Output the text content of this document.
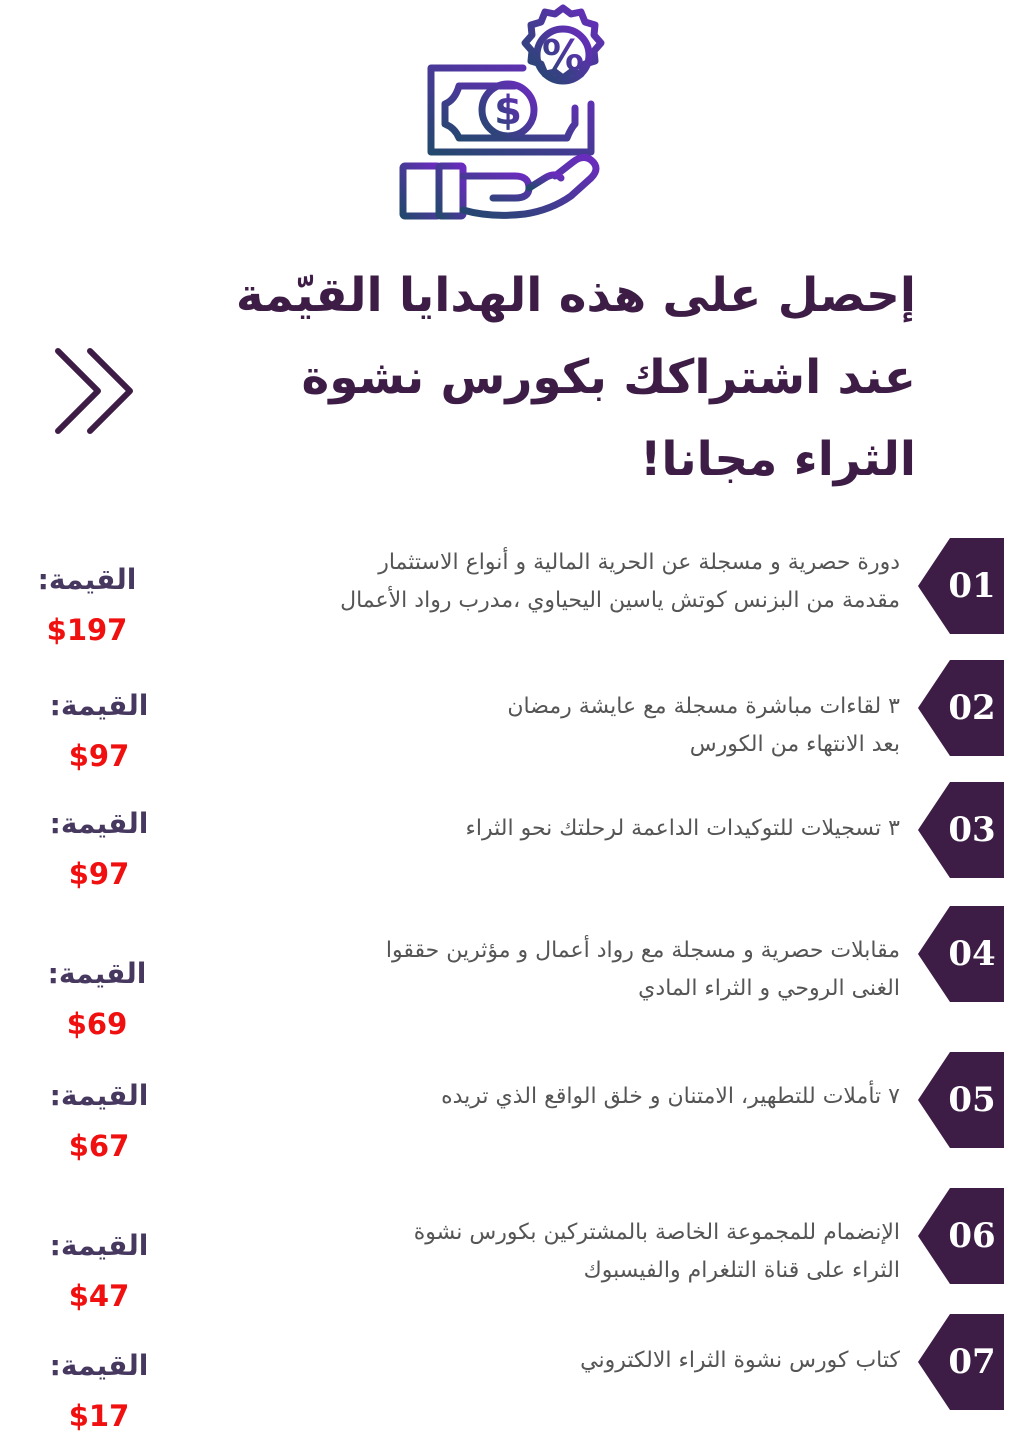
$
%
إحصل على هذه الهدايا القيّمة
عند اشتراكك بكورس نشوة
الثراء مجانا!
01
دورة حصرية و مسجلة عن الحرية المالية و أنواع الاستثمار
مقدمة من البزنس كوتش ياسين اليحياوي ،مدرب رواد الأعمال
القيمة:
$197
02
٣ لقاءات مباشرة مسجلة مع عايشة رمضان
بعد الانتهاء من الكورس
القيمة:
$97
03
٣ تسجيلات للتوكيدات الداعمة لرحلتك نحو الثراء
القيمة:
$97
04
مقابلات حصرية و مسجلة مع رواد أعمال و مؤثرين حققوا
الغنى الروحي و الثراء المادي
القيمة:
$69
05
٧ تأملات للتطهير، الامتنان و خلق الواقع الذي تريده
القيمة:
$67
06
الإنضمام للمجموعة الخاصة بالمشتركين بكورس نشوة
الثراء على قناة التلغرام والفيسبوك
القيمة:
$47
07
كتاب كورس نشوة الثراء الالكتروني
القيمة:
$17
